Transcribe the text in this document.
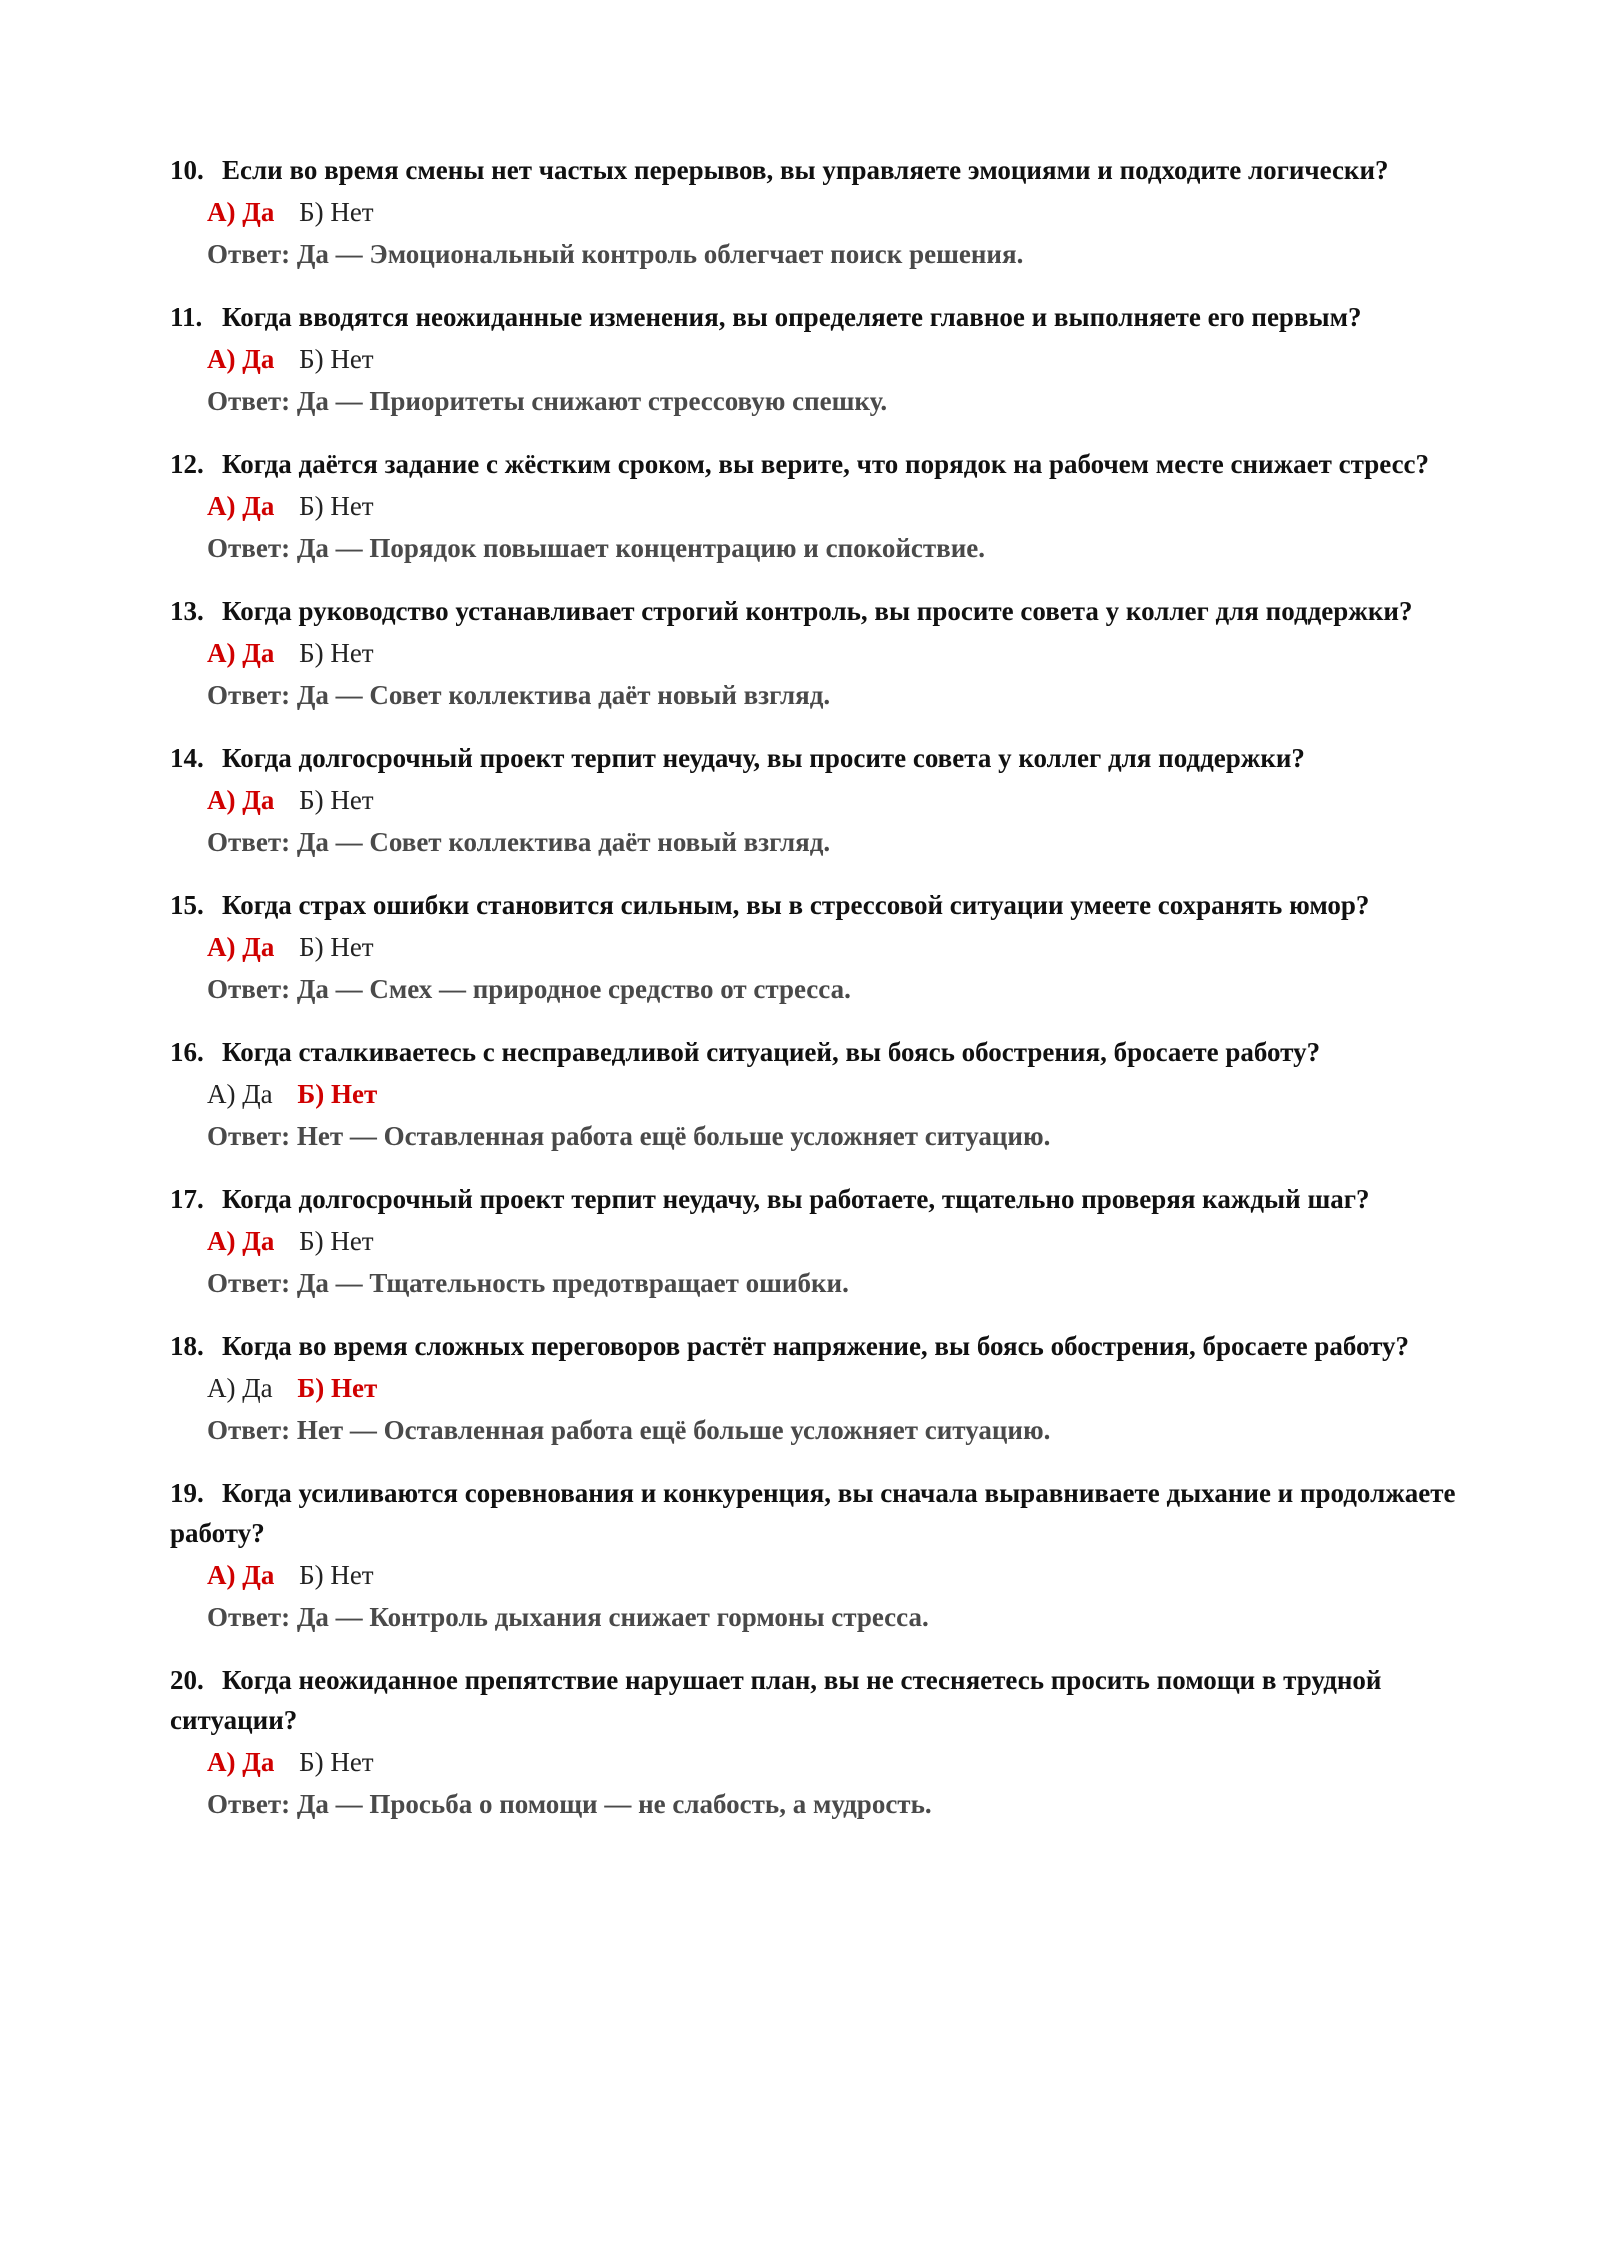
10. Если во время смены нет частых перерывов, вы управляете эмоциями и подходите логически?

А) Да Б) Нет
Ответ: Да — Эмоциональный контроль облегчает поиск решения.

11. Когда вводятся неожиданные изменения, вы определяете главное и выполняете его первым?

А) Да Б) Нет
Ответ: Да — Приоритеты снижают стрессовую спешку.

12. Когда даётся задание с жёстким сроком, вы верите, что порядок на рабочем месте снижает стресс?

А) Да Б) Нет
Ответ: Да — Порядок повышает концентрацию и спокойствие.

13. Когда руководство устанавливает строгий контроль, вы просите совета у коллег для поддержки?

А) Да Б) Нет
Ответ: Да — Совет коллектива даёт новый взгляд.

14. Когда долгосрочный проект терпит неудачу, вы просите совета у коллег для поддержки?

А) Да Б) Нет
Ответ: Да — Совет коллектива даёт новый взгляд.

15. Когда страх ошибки становится сильным, вы в стрессовой ситуации умеете сохранять юмор?

А) Да Б) Нет
Ответ: Да — Смех — природное средство от стресса.

16. Когда сталкиваетесь с несправедливой ситуацией, вы боясь обострения, бросаете работу?

А) Да Б) Нет
Ответ: Нет — Оставленная работа ещё больше усложняет ситуацию.

17. Когда долгосрочный проект терпит неудачу, вы работаете, тщательно проверяя каждый шаг?

А) Да Б) Нет
Ответ: Да — Тщательность предотвращает ошибки.

18. Когда во время сложных переговоров растёт напряжение, вы боясь обострения, бросаете работу?

А) Да Б) Нет
Ответ: Нет — Оставленная работа ещё больше усложняет ситуацию.

19. Когда усиливаются соревнования и конкуренция, вы сначала выравниваете дыхание и продолжаете работу?

А) Да Б) Нет
Ответ: Да — Контроль дыхания снижает гормоны стресса.

20. Когда неожиданное препятствие нарушает план, вы не стесняетесь просить помощи в трудной ситуации?

А) Да Б) Нет
Ответ: Да — Просьба о помощи — не слабость, а мудрость.
